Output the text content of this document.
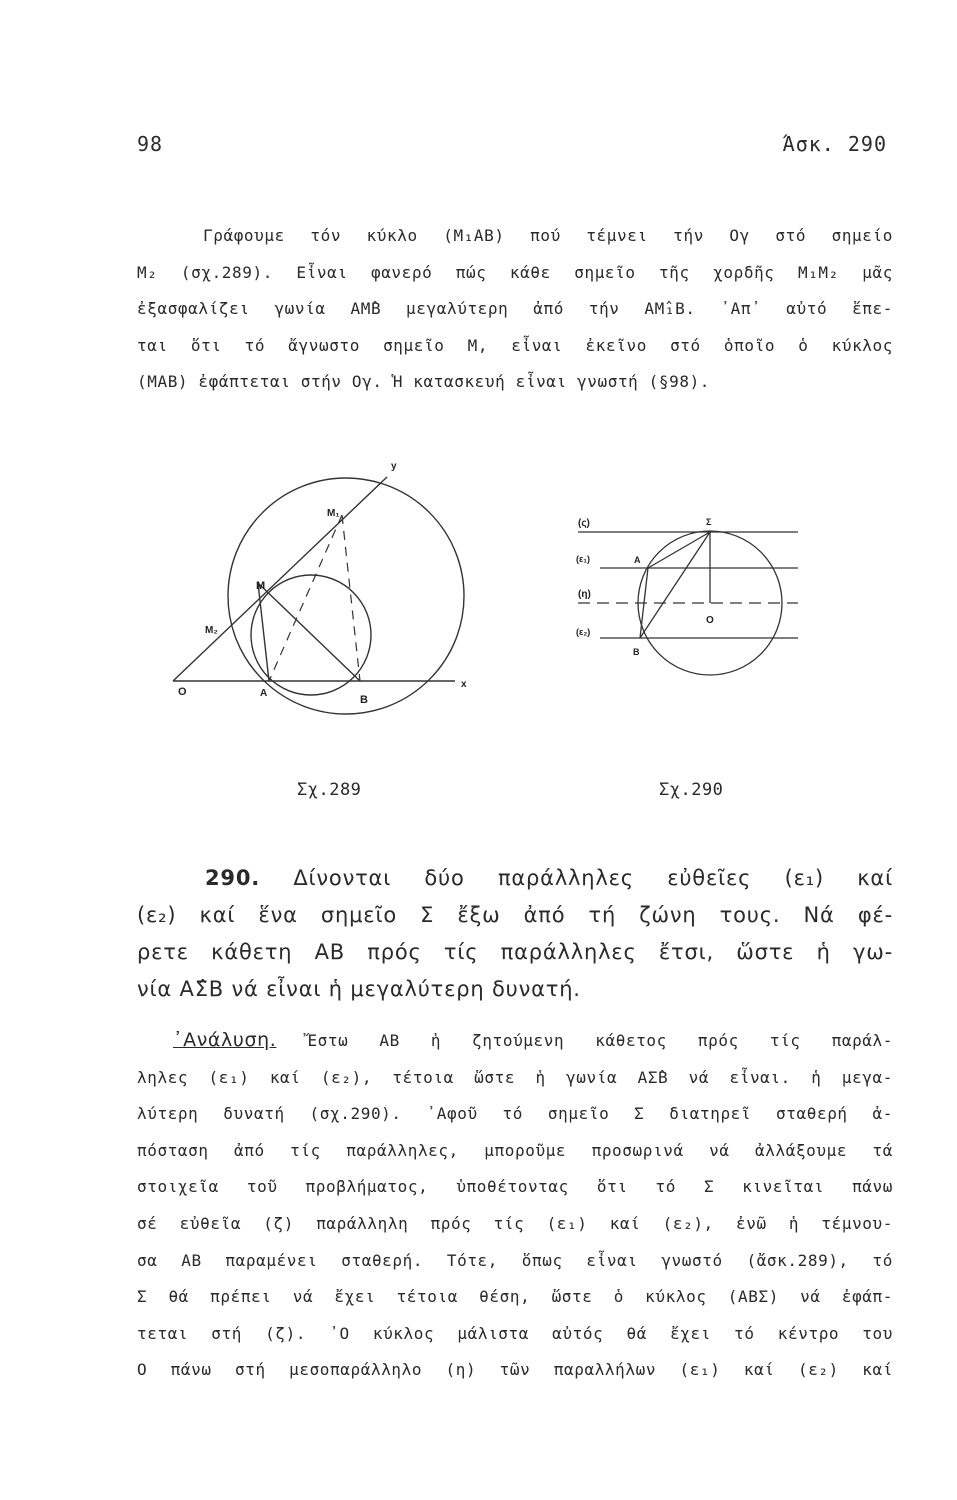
98	Άσκ. 290

Γράφουμε τόν κύκλο (Μ₁ΑΒ) πού τέμνει τήν Ογ στό σημείο

Μ₂ (σχ.289). Εἶναι φανερό πώς κάθε σημεῖο τῆς χορδῆς Μ₁Μ₂ μᾶς

ἐξασφαλίζει γωνία ΑΜ̂Β μεγαλύτερη ἀπό τήν ΑΜ̂₁Β. ᾿Απ᾿ αὐτό ἕπε-

ται ὅτι τό ἄγνωστο σημεῖο Μ, εἶναι ἐκεῖνο στό ὁποῖο ὁ κύκλος

(ΜΑΒ) ἐφάπτεται στήν Ογ. Ἡ κατασκευή εἶναι γνωστή (§98).

y
x
O	A
B
M
M₁
M₂
(ς)
(ε₁)
(η)
(ε₂)
Σ
A
B
O
Σχ.289	Σχ.290

290. Δίνονται δύο παράλληλες εὐθεῖες (ε₁) καί

(ε₂) καί ἕνα σημεῖο Σ ἔξω ἀπό τή ζώνη τους. Νά φέ-

ρετε κάθετη ΑΒ πρός τίς παράλληλες ἔτσι, ὥστε ἡ γω-

νία ΑΣ̂Β νά εἶναι ἡ μεγαλύτερη δυνατή.

᾿Ανάλυση. Ἔστω ΑΒ ἡ ζητούμενη κάθετος πρός τίς παράλ-

ληλες (ε₁) καί (ε₂), τέτοια ὥστε ἡ γωνία ΑΣ̂Β νά εἶναι. ἡ μεγα-

λύτερη δυνατή (σχ.290). ᾿Αφοῦ τό σημεῖο Σ διατηρεῖ σταθερή ἀ-

πόσταση ἀπό τίς παράλληλες, μποροῦμε προσωρινά νά ἀλλάξουμε τά

στοιχεῖα τοῦ προβλήματος, ὑποθέτοντας ὅτι τό Σ κινεῖται πάνω

σέ εὐθεῖα (ζ) παράλληλη πρός τίς (ε₁) καί (ε₂), ἐνῶ ἡ τέμνου-

σα ΑΒ παραμένει σταθερή. Τότε, ὅπως εἶναι γνωστό (ἄσκ.289), τό

Σ θά πρέπει νά ἔχει τέτοια θέση, ὥστε ὁ κύκλος (ΑΒΣ) νά ἐφάπ-

τεται στή (ζ). ᾿Ο κύκλος μάλιστα αὐτός θά ἔχει τό κέντρο του

Ο πάνω στή μεσοπαράλληλο (η) τῶν παραλλήλων (ε₁) καί (ε₂) καί
